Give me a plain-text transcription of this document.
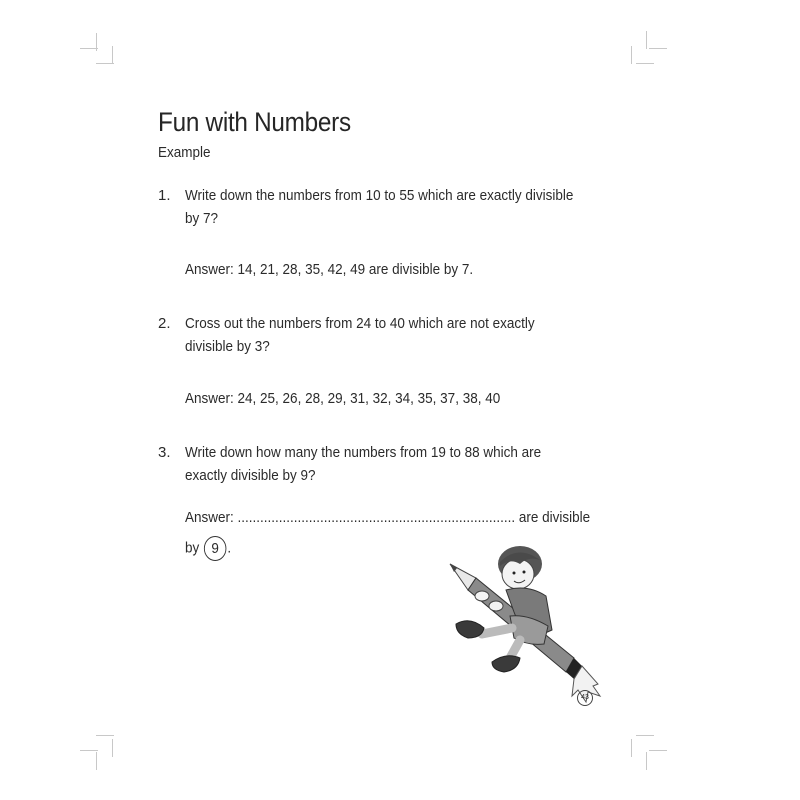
Fun with Numbers
Example
1. Write down the numbers from 10 to 55 which are exactly divisible
by 7?
Answer: 14, 21, 28, 35, 42, 49 are divisible by 7.
2. Cross out the numbers from 24 to 40 which are not exactly
divisible by 3?
Answer: 24, 25, 26, 28, 29, 31, 32, 34, 35, 37, 38, 40
3. Write down how many the numbers from 19 to 88 which are
exactly divisible by 9?
Answer: .......................................................................... are divisible
by 9 .
43
